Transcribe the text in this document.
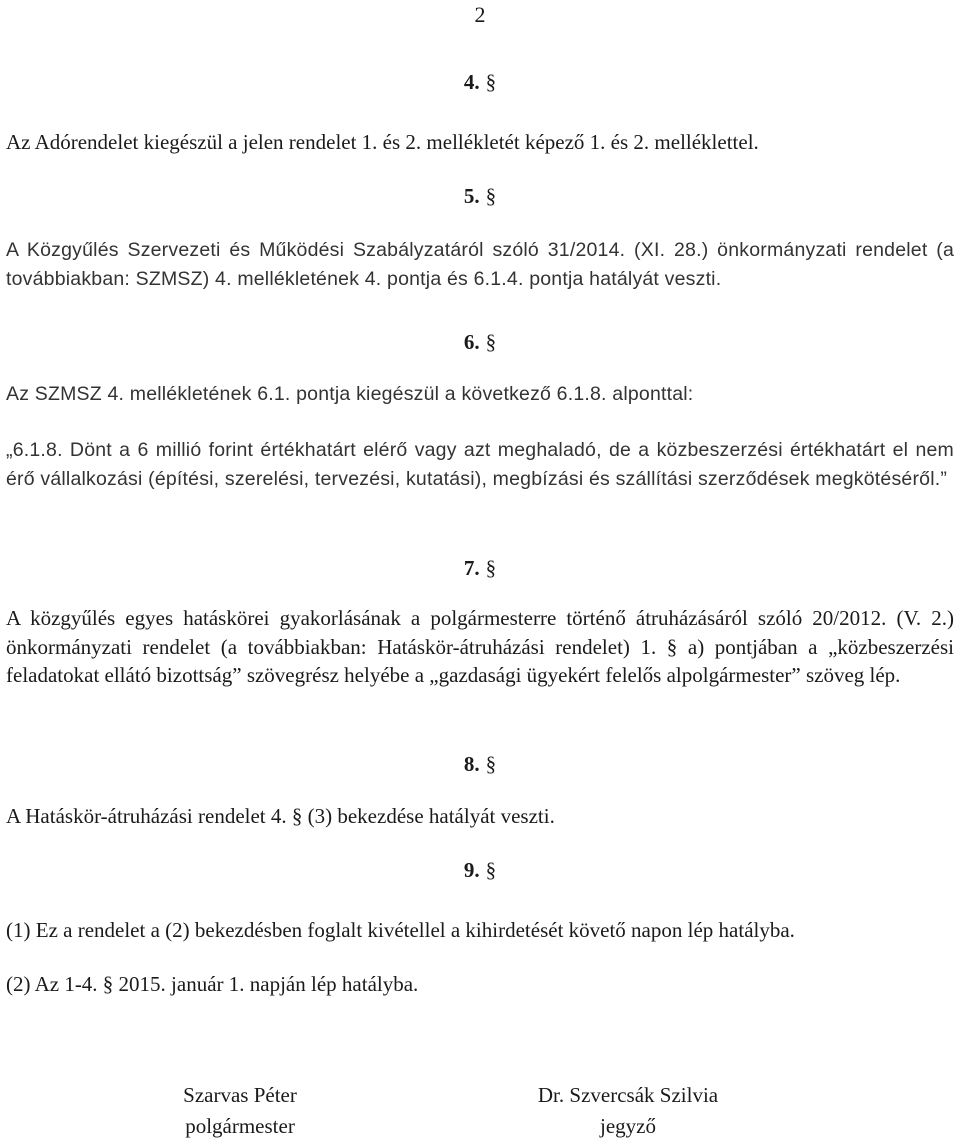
2
4. §
Az Adórendelet kiegészül a jelen rendelet 1. és 2. mellékletét képező 1. és 2. melléklettel.
5. §
A Közgyűlés Szervezeti és Működési Szabályzatáról szóló 31/2014. (XI. 28.) önkormányzati rendelet (a továbbiakban: SZMSZ) 4. mellékletének 4. pontja és 6.1.4. pontja hatályát veszti.
6. §
Az SZMSZ 4. mellékletének 6.1. pontja kiegészül a következő 6.1.8. alponttal:
„6.1.8. Dönt a 6 millió forint értékhatárt elérő vagy azt meghaladó, de a közbeszerzési értékhatárt el nem érő vállalkozási (építési, szerelési, tervezési, kutatási), megbízási és szállítási szerződések megkötéséről.”
7. §
A közgyűlés egyes hatáskörei gyakorlásának a polgármesterre történő átruházásáról szóló 20/2012. (V. 2.) önkormányzati rendelet (a továbbiakban: Hatáskör-átruházási rendelet) 1. § a) pontjában a „közbeszerzési feladatokat ellátó bizottság” szövegrész helyébe a „gazdasági ügyekért felelős alpolgármester” szöveg lép.
8. §
A Hatáskör-átruházási rendelet 4. § (3) bekezdése hatályát veszti.
9. §
(1) Ez a rendelet a (2) bekezdésben foglalt kivétellel a kihirdetését követő napon lép hatályba.
(2) Az 1-4. § 2015. január 1. napján lép hatályba.
Szarvas Péter
polgármester
Dr. Szvercsák Szilvia
jegyző
